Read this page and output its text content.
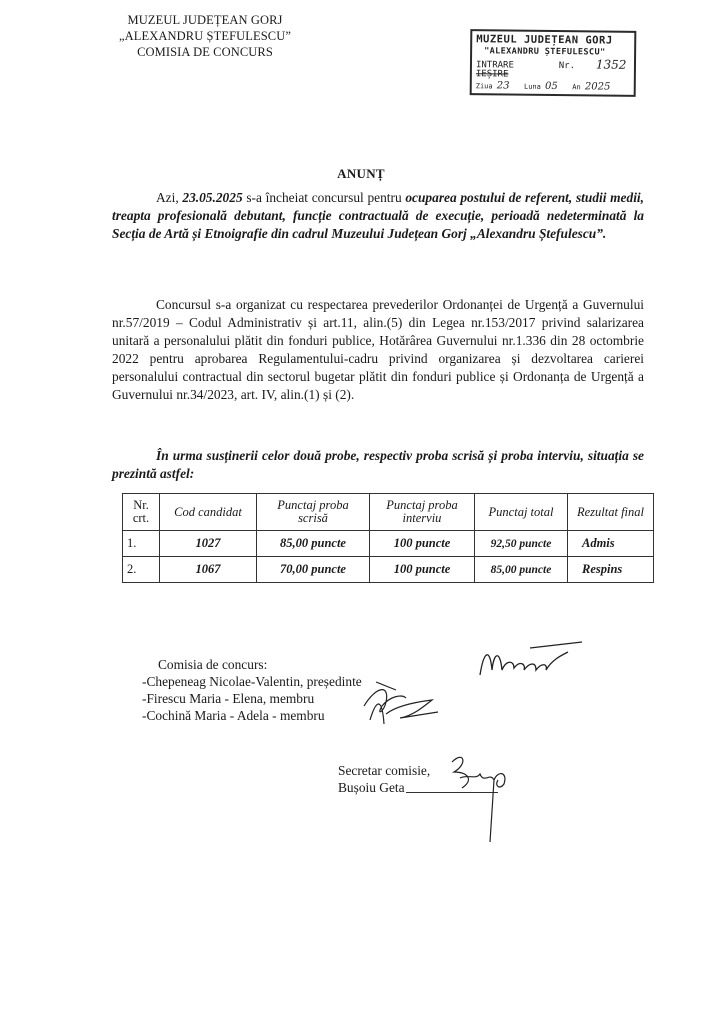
MUZEUL JUDEȚEAN GORJ
„ALEXANDRU ȘTEFULESCU”
COMISIA DE CONCURS
MUZEUL JUDEȚEAN GORJ
"ALEXANDRU ȘTEFULESCU"
INTRARE	Nr. 1352
IEȘIRE
Ziua 23 Luna 05 An 2025
ANUNȚ
Azi, 23.05.2025 s-a încheiat concursul pentru ocuparea postului de referent, studii medii, treapta profesională debutant, funcție contractuală de execuție, perioadă nedeterminată la Secția de Artă și Etnoigrafie din cadrul Muzeului Județean Gorj „Alexandru Ștefulescu”.
Concursul s-a organizat cu respectarea prevederilor Ordonanței de Urgență a Guvernului nr.57/2019 – Codul Administrativ și art.11, alin.(5) din Legea nr.153/2017 privind salarizarea unitară a personalului plătit din fonduri publice, Hotărârea Guvernului nr.1.336 din 28 octombrie 2022 pentru aprobarea Regulamentului-cadru privind organizarea și dezvoltarea carierei personalului contractual din sectorul bugetar plătit din fonduri publice și Ordonanța de Urgență a Guvernului nr.34/2023, art. IV, alin.(1) și (2).
În urma susținerii celor două probe, respectiv proba scrisă și proba interviu, situația se prezintă astfel:
Nr. crt.	Cod candidat	Punctaj proba scrisă	Punctaj proba interviu	Punctaj total	Rezultat final
1.	1027	85,00 puncte	100 puncte	92,50 puncte	Admis
2.	1067	70,00 puncte	100 puncte	85,00 puncte	Respins
Comisia de concurs:
-Chepeneag Nicolae-Valentin, președinte
-Firescu Maria - Elena, membru
-Cochină Maria - Adela - membru
Secretar comisie,
Bușoiu Geta
